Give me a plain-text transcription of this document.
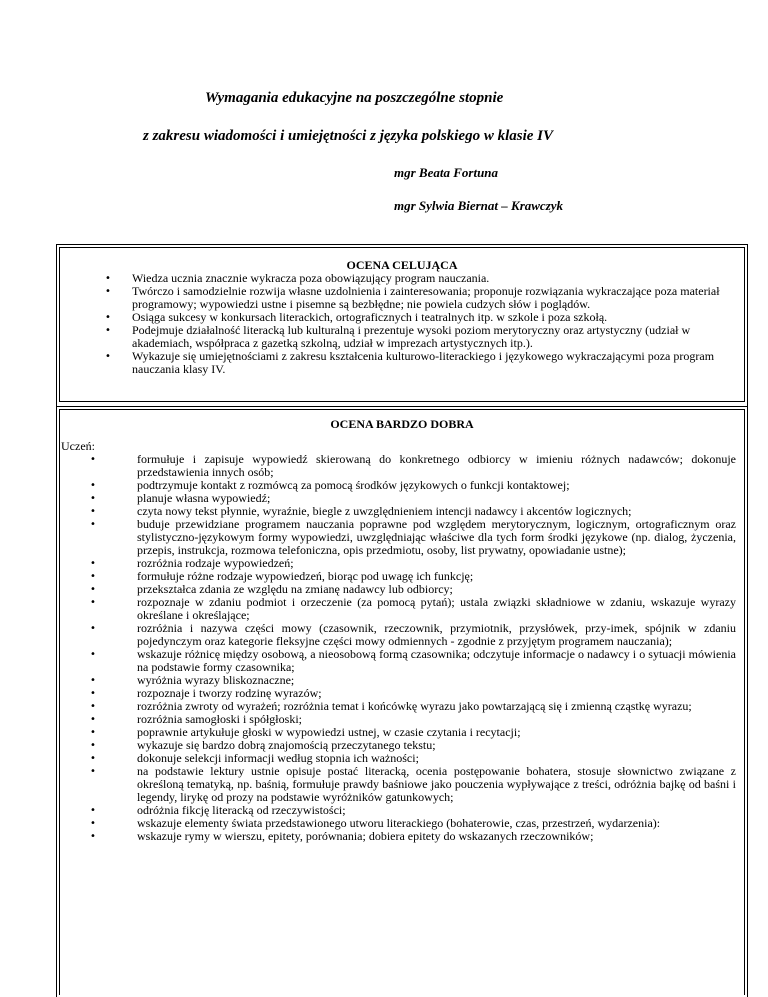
Wymagania edukacyjne na poszczególne stopnie
z zakresu wiadomości i umiejętności z języka polskiego w klasie IV
mgr Beata Fortuna
mgr Sylwia Biernat – Krawczyk

OCENA CELUJĄCA

• Wiedza ucznia znacznie wykracza poza obowiązujący program nauczania.
• Twórczo i samodzielnie rozwija własne uzdolnienia i zainteresowania; proponuje rozwiązania wykraczające poza materiał programowy; wypowiedzi ustne i pisemne są bezbłędne; nie powiela cudzych słów i poglądów.
• Osiąga sukcesy w konkursach literackich, ortograficznych i teatralnych itp. w szkole i poza szkołą.
• Podejmuje działalność literacką lub kulturalną i prezentuje wysoki poziom merytoryczny oraz artystyczny (udział w akademiach, współpraca z gazetką szkolną, udział w imprezach artystycznych itp.).
• Wykazuje się umiejętnościami z zakresu kształcenia kulturowo-literackiego i językowego wykraczającymi poza program nauczania klasy IV.

OCENA BARDZO DOBRA

Uczeń:

• formułuje i zapisuje wypowiedź skierowaną do konkretnego odbiorcy w imieniu różnych nadawców; dokonuje przedstawienia innych osób;
• podtrzymuje kontakt z rozmówcą za pomocą środków językowych o funkcji kontaktowej;
• planuje własna wypowiedź;
• czyta nowy tekst płynnie, wyraźnie, biegle z uwzględnieniem intencji nadawcy i akcentów logicznych;
• buduje przewidziane programem nauczania poprawne pod względem merytorycznym, logicznym, ortograficznym oraz stylistyczno-językowym formy wypowiedzi, uwzględniając właściwe dla tych form środki językowe (np. dialog, życzenia, przepis, instrukcja, rozmowa telefoniczna, opis przedmiotu, osoby, list prywatny, opowiadanie ustne);
• rozróżnia rodzaje wypowiedzeń;
• formułuje różne rodzaje wypowiedzeń, biorąc pod uwagę ich funkcję;
• przekształca zdania ze względu na zmianę nadawcy lub odbiorcy;
• rozpoznaje w zdaniu podmiot i orzeczenie (za pomocą pytań); ustala związki składniowe w zdaniu, wskazuje wyrazy określane i określające;
• rozróżnia i nazywa części mowy (czasownik, rzeczownik, przymiotnik, przysłówek, przy-imek, spójnik w zdaniu pojedynczym oraz kategorie fleksyjne części mowy odmiennych - zgodnie z przyjętym programem nauczania);
• wskazuje różnicę między osobową, a nieosobową formą czasownika; odczytuje informacje o nadawcy i o sytuacji mówienia na podstawie formy czasownika;
• wyróżnia wyrazy bliskoznaczne;
• rozpoznaje i tworzy rodzinę wyrazów;
• rozróżnia zwroty od wyrażeń; rozróżnia temat i końcówkę wyrazu jako powtarzającą się i zmienną cząstkę wyrazu;
• rozróżnia samogłoski i spółgłoski;
• poprawnie artykułuje głoski w wypowiedzi ustnej, w czasie czytania i recytacji;
• wykazuje się bardzo dobrą znajomością przeczytanego tekstu;
• dokonuje selekcji informacji według stopnia ich ważności;
• na podstawie lektury ustnie opisuje postać literacką, ocenia postępowanie bohatera, stosuje słownictwo związane z określoną tematyką, np. baśnią, formułuje prawdy baśniowe jako pouczenia wypływające z treści, odróżnia bajkę od baśni i legendy, lirykę od prozy na podstawie wyróżników gatunkowych;
• odróżnia fikcję literacką od rzeczywistości;
• wskazuje elementy świata przedstawionego utworu literackiego (bohaterowie, czas, przestrzeń, wydarzenia):
• wskazuje rymy w wierszu, epitety, porównania; dobiera epitety do wskazanych rzeczowników;
